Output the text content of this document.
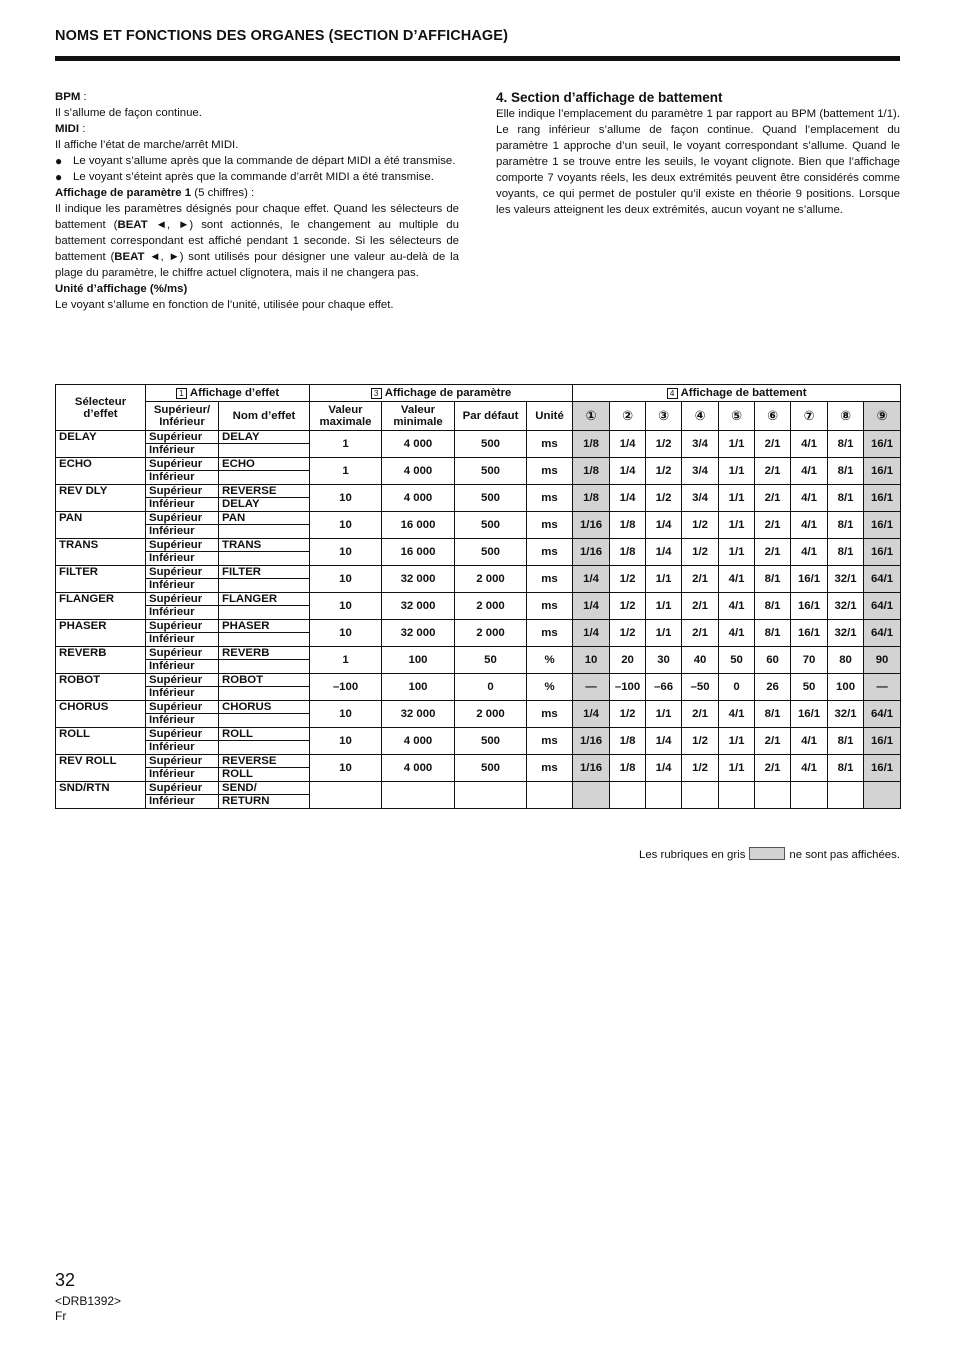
NOMS ET FONCTIONS DES ORGANES (SECTION D’AFFICHAGE)

BPM :

Il s’allume de façon continue.

MIDI :

Il affiche l’état de marche/arrêt MIDI.

● Le voyant s’allume après que la commande de départ MIDI a été transmise.
● Le voyant s’éteint après que la commande d’arrêt MIDI a été transmise.

Affichage de paramètre 1 (5 chiffres) :

Il indique les paramètres désignés pour chaque effet. Quand les sélecteurs de battement (BEAT ◄, ►) sont actionnés, le changement au multiple du battement correspondant est affiché pendant 1 seconde. Si les sélecteurs de battement (BEAT ◄, ►) sont utilisés pour désigner une valeur au-delà de la plage du paramètre, le chiffre actuel clignotera, mais il ne changera pas.

Unité d’affichage (%/ms)

Le voyant s’allume en fonction de l’unité, utilisée pour chaque effet.

4. Section d’affichage de battement

Elle indique l’emplacement du paramètre 1 par rapport au BPM (battement 1/1). Le rang inférieur s’allume de façon continue. Quand l’emplacement du paramètre 1 approche d’un seuil, le voyant correspondant s’allume. Quand le paramètre 1 se trouve entre les seuils, le voyant clignote. Bien que l’affichage comporte 7 voyants réels, les deux extrémités peuvent être considérés comme voyants, ce qui permet de postuler qu’il existe en théorie 9 positions. Lorsque les valeurs atteignent les deux extrémités, aucun voyant ne s’allume.

Sélecteur d’effet	1 Affichage d’effet		3 Affichage de paramètre				4 Affichage de battement								
	Supérieur/ Inférieur	Nom d’effet	Valeur maximale	Valeur minimale	Par défaut	Unité	①	②	③	④	⑤	⑥	⑦	⑧	⑨
DELAY	Supérieur	DELAY	1	4 000	500	ms	1/8	1/4	1/2	3/4	1/1	2/1	4/1	8/1	16/1
	Inférieur														
ECHO	Supérieur	ECHO	1	4 000	500	ms	1/8	1/4	1/2	3/4	1/1	2/1	4/1	8/1	16/1
	Inférieur														
REV DLY	Supérieur	REVERSE	10	4 000	500	ms	1/8	1/4	1/2	3/4	1/1	2/1	4/1	8/1	16/1
	Inférieur	DELAY													
PAN	Supérieur	PAN	10	16 000	500	ms	1/16	1/8	1/4	1/2	1/1	2/1	4/1	8/1	16/1
	Inférieur														
TRANS	Supérieur	TRANS	10	16 000	500	ms	1/16	1/8	1/4	1/2	1/1	2/1	4/1	8/1	16/1
	Inférieur														
FILTER	Supérieur	FILTER	10	32 000	2 000	ms	1/4	1/2	1/1	2/1	4/1	8/1	16/1	32/1	64/1
	Inférieur														
FLANGER	Supérieur	FLANGER	10	32 000	2 000	ms	1/4	1/2	1/1	2/1	4/1	8/1	16/1	32/1	64/1
	Inférieur														
PHASER	Supérieur	PHASER	10	32 000	2 000	ms	1/4	1/2	1/1	2/1	4/1	8/1	16/1	32/1	64/1
	Inférieur														
REVERB	Supérieur	REVERB	1	100	50	%	10	20	30	40	50	60	70	80	90
	Inférieur														
ROBOT	Supérieur	ROBOT	–100	100	0	%	—	–100	–66	–50	0	26	50	100	—
	Inférieur														
CHORUS	Supérieur	CHORUS	10	32 000	2 000	ms	1/4	1/2	1/1	2/1	4/1	8/1	16/1	32/1	64/1
	Inférieur														
ROLL	Supérieur	ROLL	10	4 000	500	ms	1/16	1/8	1/4	1/2	1/1	2/1	4/1	8/1	16/1
	Inférieur														
REV ROLL	Supérieur	REVERSE	10	4 000	500	ms	1/16	1/8	1/4	1/2	1/1	2/1	4/1	8/1	16/1
	Inférieur	ROLL													
SND/RTN	Supérieur	SEND/													
	Inférieur	RETURN													
Les rubriques en gris	ne sont pas affichées.
32
<DRB1392>
Fr
